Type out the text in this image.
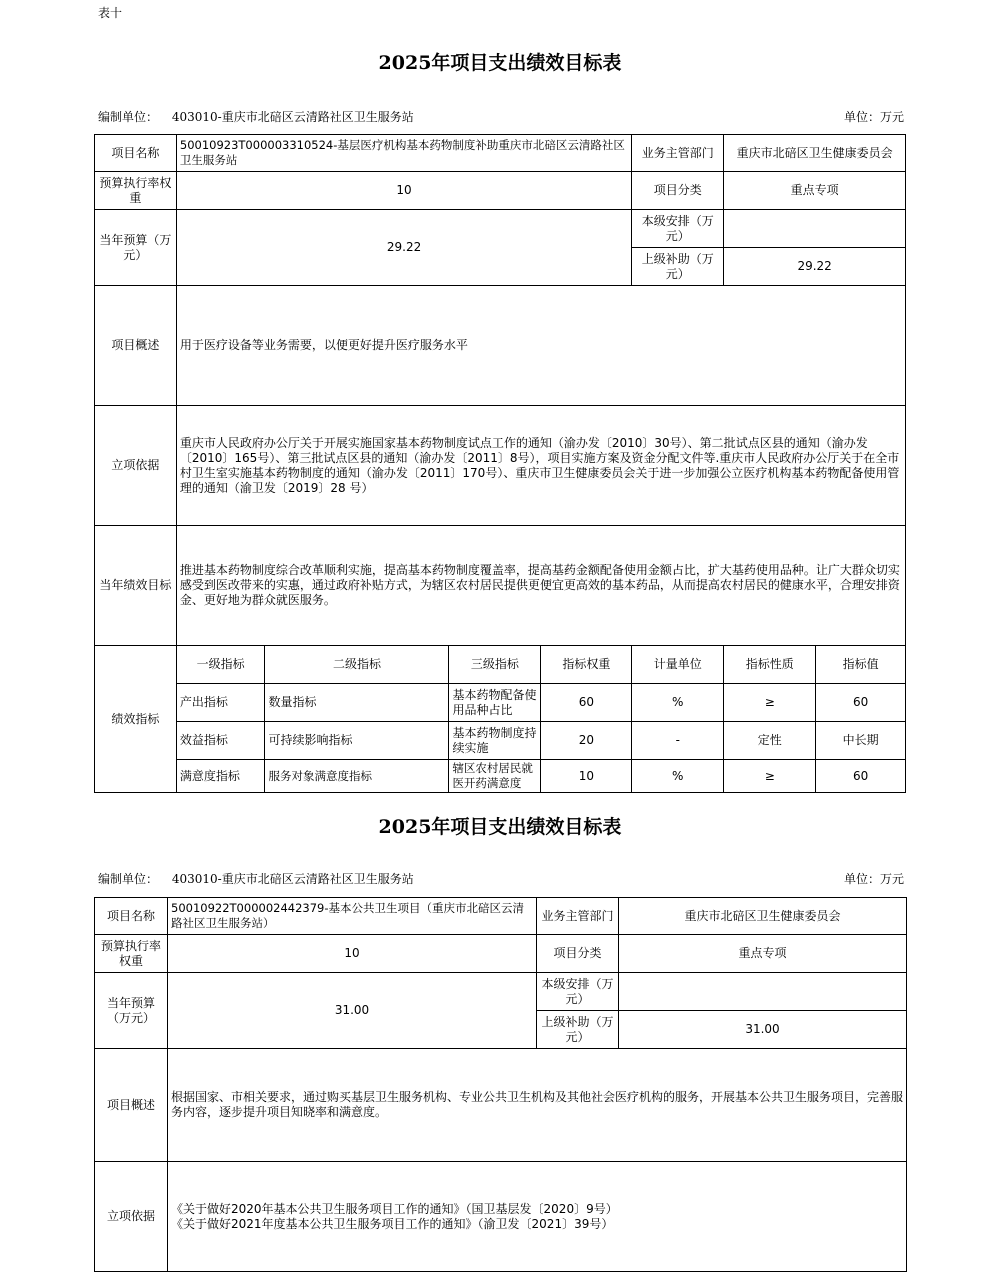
表十
2025年项目支出绩效目标表
编制单位： 403010-重庆市北碚区云清路社区卫生服务站	单位：万元
项目名称	50010923T000003310524-基层医疗机构基本药物制度补助重庆市北碚区云清路社区卫生服务站				业务主管部门	重庆市北碚区卫生健康委员会	
预算执行率权重	10				项目分类	重点专项	
当年预算（万元）	29.22				本级安排（万元）		
					上级补助（万元）	29.22	
项目概述	用于医疗设备等业务需要，以便更好提升医疗服务水平						
立项依据	重庆市人民政府办公厅关于开展实施国家基本药物制度试点工作的通知（渝办发〔2010〕30号）、第二批试点区县的通知（渝办发〔2010〕165号）、第三批试点区县的通知（渝办发〔2011〕8号），项目实施方案及资金分配文件等.重庆市人民政府办公厅关于在全市村卫生室实施基本药物制度的通知（渝办发〔2011〕170号）、重庆市卫生健康委员会关于进一步加强公立医疗机构基本药物配备使用管理的通知（渝卫发〔2019〕28 号）						
当年绩效目标	推进基本药物制度综合改革顺利实施，提高基本药物制度覆盖率，提高基药金额配备使用金额占比，扩大基药使用品种。让广大群众切实感受到医改带来的实惠，通过政府补贴方式，为辖区农村居民提供更便宜更高效的基本药品，从而提高农村居民的健康水平，合理安排资金、更好地为群众就医服务。						
绩效指标	一级指标	二级指标	三级指标	指标权重	计量单位	指标性质	指标值
	产出指标	数量指标	基本药物配备使用品种占比	60	%	≥	60
	效益指标	可持续影响指标	基本药物制度持续实施	20	-	定性	中长期
	满意度指标	服务对象满意度指标	辖区农村居民就医开药满意度	10	%	≥	60
2025年项目支出绩效目标表
编制单位： 403010-重庆市北碚区云清路社区卫生服务站	单位：万元
项目名称	50010922T000002442379-基本公共卫生项目（重庆市北碚区云清路社区卫生服务站）	业务主管部门	重庆市北碚区卫生健康委员会
预算执行率权重	10	项目分类	重点专项
当年预算（万元）	31.00	本级安排（万元）	
		上级补助（万元）	31.00
项目概述	根据国家、市相关要求，通过购买基层卫生服务机构、专业公共卫生机构及其他社会医疗机构的服务，开展基本公共卫生服务项目，完善服务内容，逐步提升项目知晓率和满意度。		
立项依据	《关于做好2020年基本公共卫生服务项目工作的通知》（国卫基层发〔2020〕9号）
《关于做好2021年度基本公共卫生服务项目工作的通知》（渝卫发〔2021〕39号）		
